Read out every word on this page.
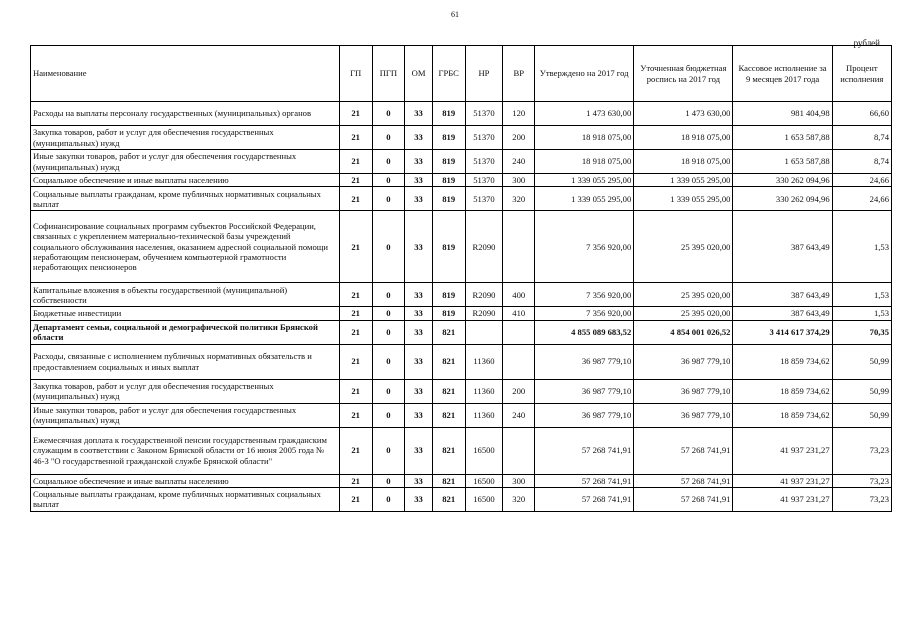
61
рублей
Наименование	ГП	ПГП	ОМ	ГРБС	НР	ВР	Утверждено на 2017 год	Уточненная бюджетная роспись на 2017 год	Кассовое исполнение за 9 месяцев 2017 года	Процент исполнения
Расходы на выплаты персоналу государственных (муниципальных) органов	21	0	33	819	51370	120	1 473 630,00	1 473 630,00	981 404,98	66,60
Закупка товаров, работ и услуг для обеспечения государственных (муниципальных) нужд	21	0	33	819	51370	200	18 918 075,00	18 918 075,00	1 653 587,88	8,74
Иные закупки товаров, работ и услуг для обеспечения государственных (муниципальных) нужд	21	0	33	819	51370	240	18 918 075,00	18 918 075,00	1 653 587,88	8,74
Социальное обеспечение и иные выплаты населению	21	0	33	819	51370	300	1 339 055 295,00	1 339 055 295,00	330 262 094,96	24,66
Социальные выплаты гражданам, кроме публичных нормативных социальных выплат	21	0	33	819	51370	320	1 339 055 295,00	1 339 055 295,00	330 262 094,96	24,66
Софинансирование социальных программ субъектов Российской Федерации, связанных с укреплением материально-технической базы учреждений социального обслуживания населения, оказанием адресной социальной помощи неработающим пенсионерам, обучением компьютерной грамотности неработающих пенсионеров	21	0	33	819	R2090		7 356 920,00	25 395 020,00	387 643,49	1,53
Капитальные вложения в объекты государственной (муниципальной) собственности	21	0	33	819	R2090	400	7 356 920,00	25 395 020,00	387 643,49	1,53
Бюджетные инвестиции	21	0	33	819	R2090	410	7 356 920,00	25 395 020,00	387 643,49	1,53
Департамент семьи, социальной и демографической политики Брянской области	21	0	33	821			4 855 089 683,52	4 854 001 026,52	3 414 617 374,29	70,35
Расходы, связанные с исполнением публичных нормативных обязательств и предоставлением социальных и иных выплат	21	0	33	821	11360		36 987 779,10	36 987 779,10	18 859 734,62	50,99
Закупка товаров, работ и услуг для обеспечения государственных (муниципальных) нужд	21	0	33	821	11360	200	36 987 779,10	36 987 779,10	18 859 734,62	50,99
Иные закупки товаров, работ и услуг для обеспечения государственных (муниципальных) нужд	21	0	33	821	11360	240	36 987 779,10	36 987 779,10	18 859 734,62	50,99
Ежемесячная доплата к государственной пенсии государственным гражданским служащим в соответствии с Законом Брянской области от 16 июня 2005 года № 46-З "О государственной гражданской службе Брянской области"	21	0	33	821	16500		57 268 741,91	57 268 741,91	41 937 231,27	73,23
Социальное обеспечение и иные выплаты населению	21	0	33	821	16500	300	57 268 741,91	57 268 741,91	41 937 231,27	73,23
Социальные выплаты гражданам, кроме публичных нормативных социальных выплат	21	0	33	821	16500	320	57 268 741,91	57 268 741,91	41 937 231,27	73,23
